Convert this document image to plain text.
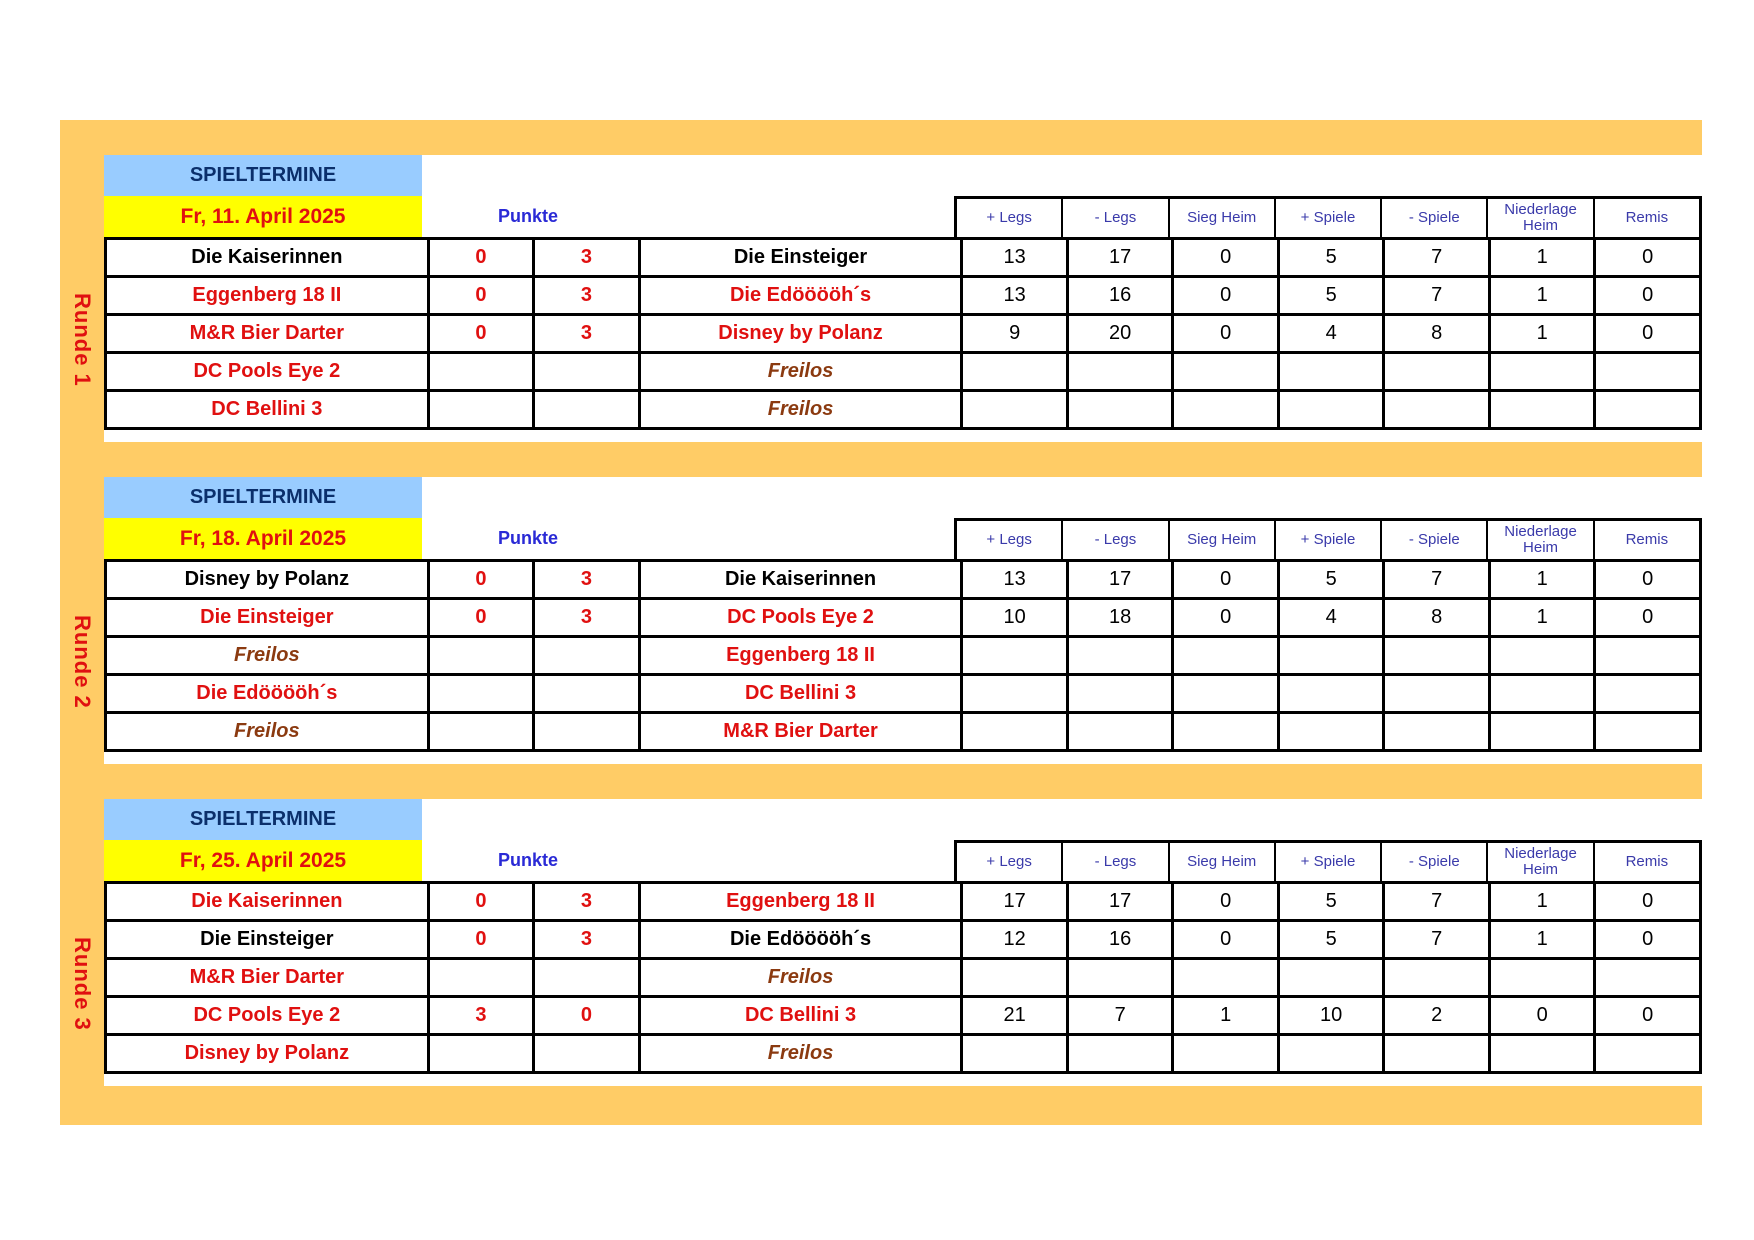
Runde 1
SPIELTERMINE
Fr, 11. April 2025	Punkte	+ Legs	- Legs	Sieg Heim	+ Spiele	- Spiele	Niederlage Heim	Remis
Die Kaiserinnen	0	3	Die Einsteiger	13	17	0	5	7	1	0
Eggenberg 18 II	0	3	Die Edööööh´s	13	16	0	5	7	1	0
M&R Bier Darter	0	3	Disney by Polanz	9	20	0	4	8	1	0
DC Pools Eye 2			Freilos							
DC Bellini 3			Freilos							
Runde 2
SPIELTERMINE
Fr, 18. April 2025	Punkte	+ Legs	- Legs	Sieg Heim	+ Spiele	- Spiele	Niederlage Heim	Remis
Disney by Polanz	0	3	Die Kaiserinnen	13	17	0	5	7	1	0
Die Einsteiger	0	3	DC Pools Eye 2	10	18	0	4	8	1	0
Freilos			Eggenberg 18 II							
Die Edööööh´s			DC Bellini 3							
Freilos			M&R Bier Darter							
Runde 3
SPIELTERMINE
Fr, 25. April 2025	Punkte	+ Legs	- Legs	Sieg Heim	+ Spiele	- Spiele	Niederlage Heim	Remis
Die Kaiserinnen	0	3	Eggenberg 18 II	17	17	0	5	7	1	0
Die Einsteiger	0	3	Die Edööööh´s	12	16	0	5	7	1	0
M&R Bier Darter			Freilos							
DC Pools Eye 2	3	0	DC Bellini 3	21	7	1	10	2	0	0
Disney by Polanz			Freilos							
